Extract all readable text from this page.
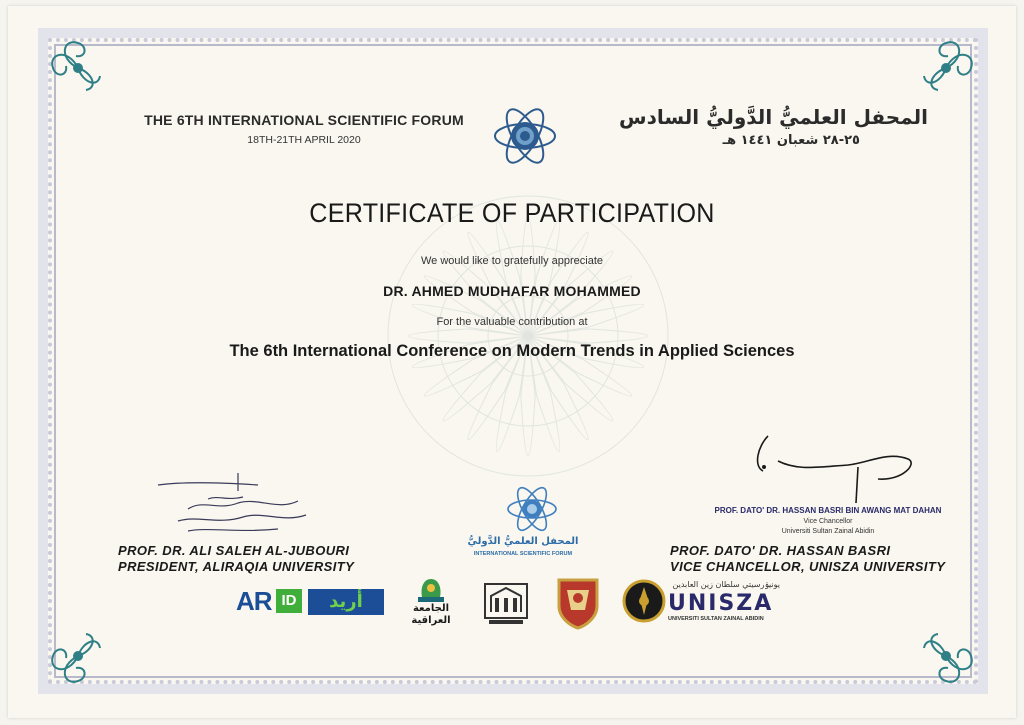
THE 6TH INTERNATIONAL SCIENTIFIC FORUM
18TH-21TH APRIL 2020
المحفل العلميُّ الدَّوليُّ السادس
٢٥-٢٨ شعبان ١٤٤١ هـ
CERTIFICATE OF PARTICIPATION
We would like to gratefully appreciate
DR. AHMED MUDHAFAR MOHAMMED
For the valuable contribution at
The 6th International Conference on Modern Trends in Applied Sciences
PROF. DR. ALI SALEH AL-JUBOURI
PRESIDENT, ALIRAQIA UNIVERSITY
PROF. DATO' DR. HASSAN BASRI BIN AWANG MAT DAHAN
Vice Chancellor
Universiti Sultan Zainal Abidin
PROF. DATO' DR. HASSAN BASRI
VICE CHANCELLOR, UNISZA UNIVERSITY
المحفل العلميُّ الدَّوليُّ
INTERNATIONAL SCIENTIFIC FORUM
AR ID	أريد	الجامعة العراقية
يونيۏرسيتي سلطان زين العابدين
UNISZA
UNIVERSITI SULTAN ZAINAL ABIDIN
